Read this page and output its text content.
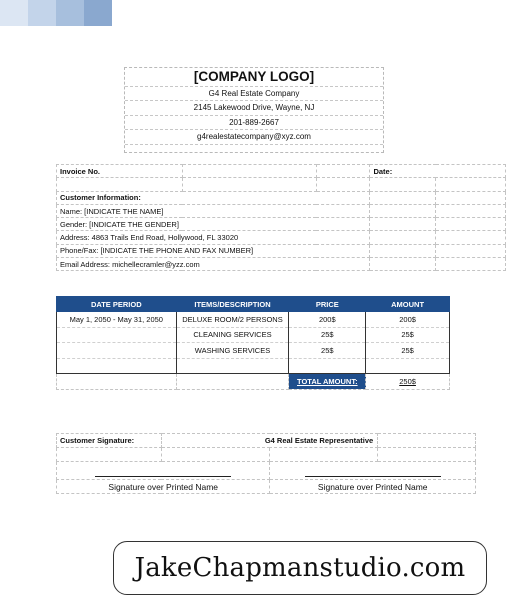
[COMPANY LOGO]
G4 Real Estate Company
2145 Lakewood Drive, Wayne, NJ
201-889-2667
g4realestatecompany@xyz.com
Invoice No.			Date:	

Customer Information:				
Name: [INDICATE THE NAME]				
Gender: [INDICATE THE GENDER]				
Address: 4863 Trails End Road, Hollywood, FL 33020				
Phone/Fax: [INDICATE THE PHONE AND FAX NUMBER]				
Email Address: michellecramler@yzz.com				
DATE PERIOD	ITEMS/DESCRIPTION	PRICE	AMOUNT
May 1, 2050 - May 31, 2050	DELUXE ROOM/2 PERSONS	200$	200$
	CLEANING SERVICES	25$	25$
	WASHING SERVICES	25$	25$

		TOTAL AMOUNT:	250$
Customer Signature:	G4 Real Estate Representative		

Signature over Printed Name		Signature over Printed Name	
JakeChapmanstudio.com
